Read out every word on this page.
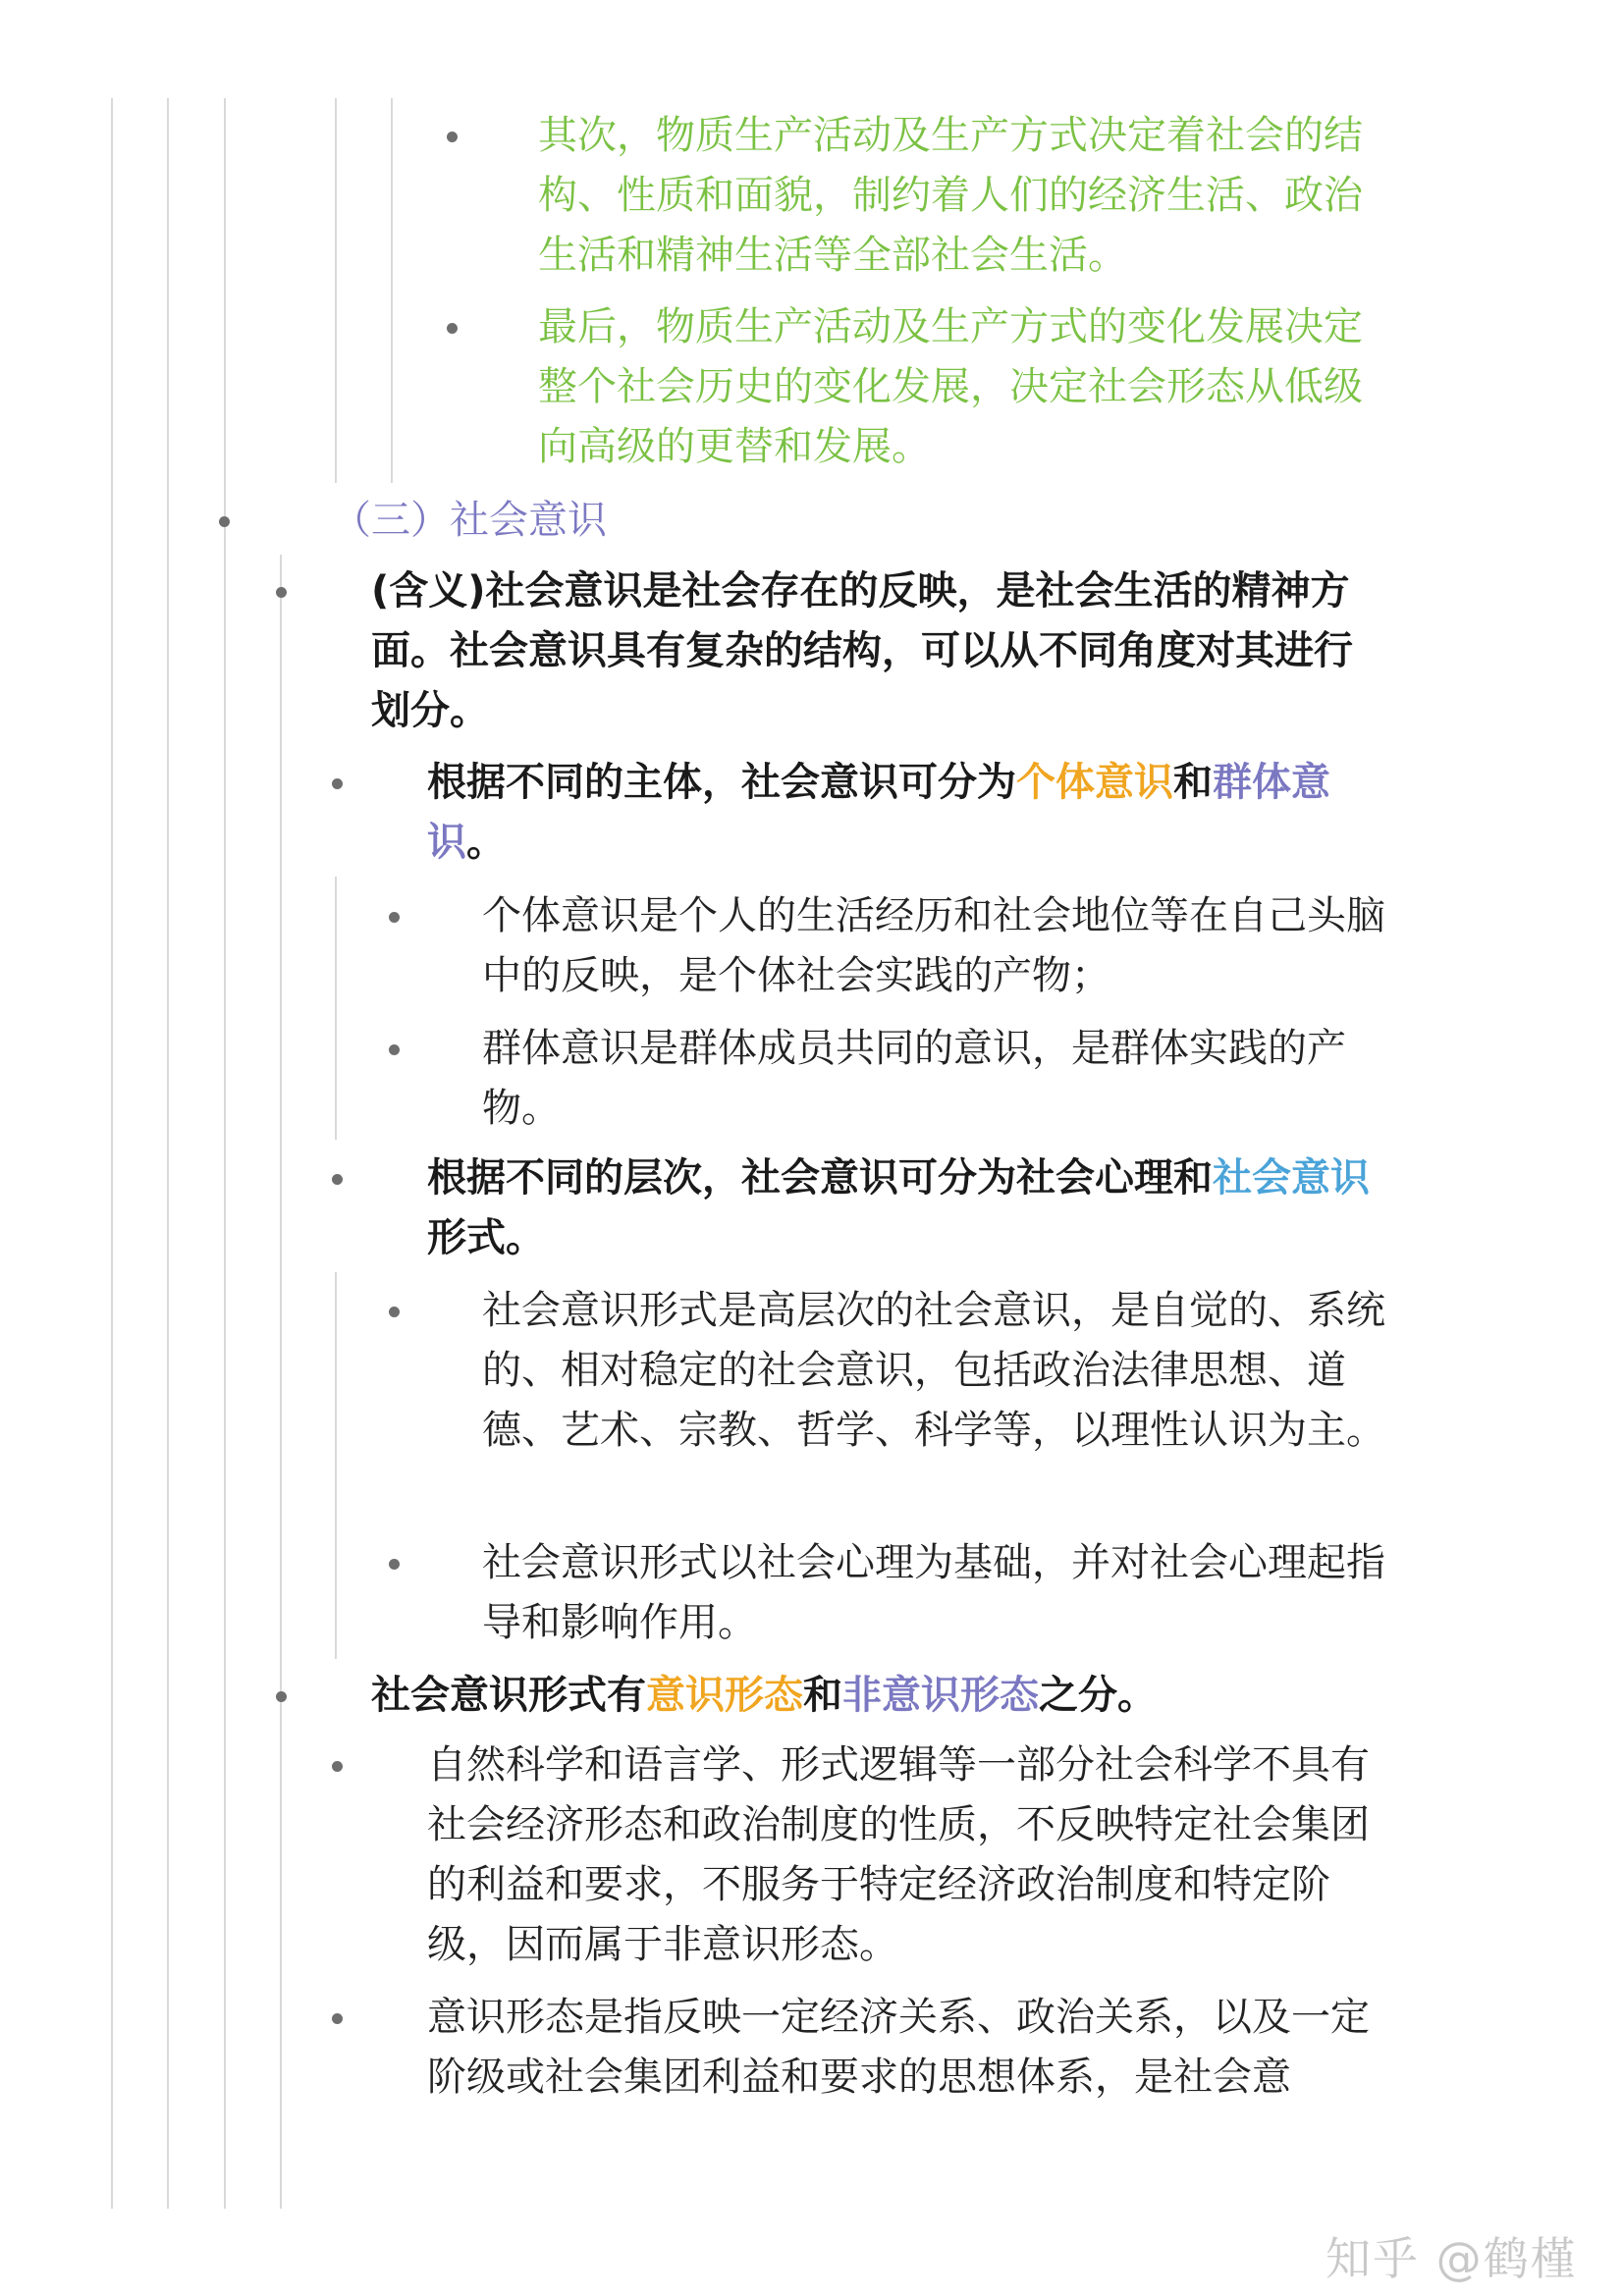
其次，物质生产活动及生产方式决定着社会的结构、性质和面貌，制约着人们的经济生活、政治生活和精神生活等全部社会生活。
最后，物质生产活动及生产方式的变化发展决定整个社会历史的变化发展，决定社会形态从低级向高级的更替和发展。
（三）社会意识
(含义)社会意识是社会存在的反映，是社会生活的精神方面。社会意识具有复杂的结构，可以从不同角度对其进行划分。
根据不同的主体，社会意识可分为个体意识和群体意识。
个体意识是个人的生活经历和社会地位等在自己头脑中的反映，是个体社会实践的产物；
群体意识是群体成员共同的意识，是群体实践的产物。
根据不同的层次，社会意识可分为社会心理和社会意识形式。
社会意识形式是高层次的社会意识，是自觉的、系统的、相对稳定的社会意识，包括政治法律思想、道德、艺术、宗教、哲学、科学等，以理性认识为主。
社会意识形式以社会心理为基础，并对社会心理起指导和影响作用。
社会意识形式有意识形态和非意识形态之分。
自然科学和语言学、形式逻辑等一部分社会科学不具有社会经济形态和政治制度的性质，不反映特定社会集团的利益和要求，不服务于特定经济政治制度和特定阶级，因而属于非意识形态。
意识形态是指反映一定经济关系、政治关系，以及一定阶级或社会集团利益和要求的思想体系，是社会意
知乎 @鹤槿
